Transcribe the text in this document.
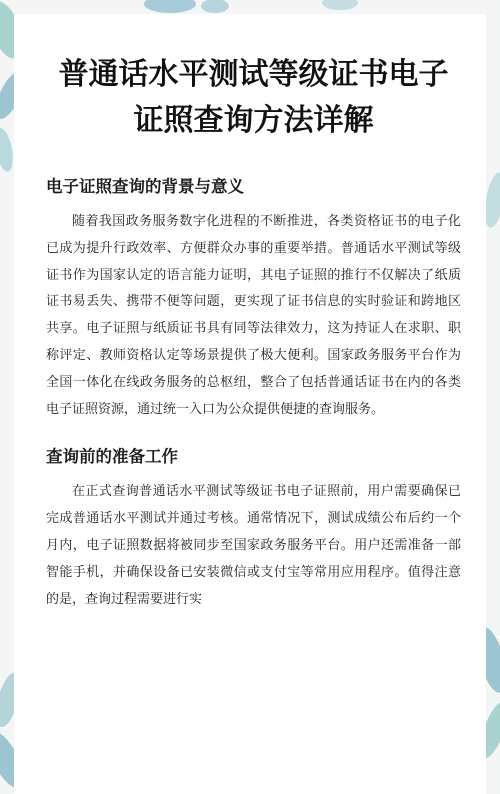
普通话水平测试等级证书电子
证照查询方法详解
电子证照查询的背景与意义

随着我国政务服务数字化进程的不断推进，各类资格证书的电子化已成为提升行政效率、方便群众办事的重要举措。普通话水平测试等级证书作为国家认定的语言能力证明，其电子证照的推行不仅解决了纸质证书易丢失、携带不便等问题，更实现了证书信息的实时验证和跨地区共享。电子证照与纸质证书具有同等法律效力，这为持证人在求职、职称评定、教师资格认定等场景提供了极大便利。国家政务服务平台作为全国一体化在线政务服务的总枢纽，整合了包括普通话证书在内的各类电子证照资源，通过统一入口为公众提供便捷的查询服务。

查询前的准备工作

在正式查询普通话水平测试等级证书电子证照前，用户需要确保已完成普通话水平测试并通过考核。通常情况下，测试成绩公布后约一个月内，电子证照数据将被同步至国家政务服务平台。用户还需准备一部智能手机，并确保设备已安装微信或支付宝等常用应用程序。值得注意的是，查询过程需要进行实
